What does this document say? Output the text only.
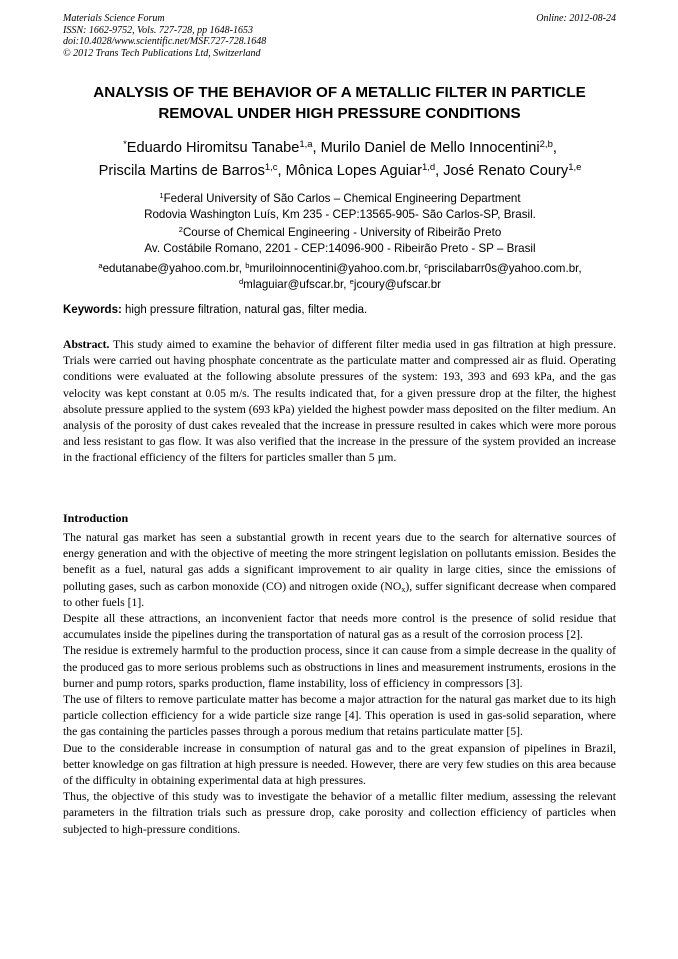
Materials Science Forum
ISSN: 1662-9752, Vols. 727-728, pp 1648-1653
doi:10.4028/www.scientific.net/MSF.727-728.1648
© 2012 Trans Tech Publications Ltd, Switzerland
Online: 2012-08-24
ANALYSIS OF THE BEHAVIOR OF A METALLIC FILTER IN PARTICLE
REMOVAL UNDER HIGH PRESSURE CONDITIONS
*Eduardo Hiromitsu Tanabe$^{1,a}$, Murilo Daniel de Mello Innocentini$^{2,b}$,
Priscila Martins de Barros$^{1,c}$, Mônica Lopes Aguiar$^{1,d}$, José Renato Coury$^{1,e}$
$^1$Federal University of São Carlos – Chemical Engineering Department
Rodovia Washington Luís, Km 235 - CEP:13565-905- São Carlos-SP, Brasil.
$^2$Course of Chemical Engineering - University of Ribeirão Preto
Av. Costábile Romano, 2201 - CEP:14096-900 - Ribeirão Preto - SP – Brasil
$^a$edutanabe@yahoo.com.br, $^b$muriloinnocentini@yahoo.com.br, $^c$priscilabarr0s@yahoo.com.br,
$^d$mlaguiar@ufscar.br, $^e$jcoury@ufscar.br
Keywords: high pressure filtration, natural gas, filter media.
Abstract. This study aimed to examine the behavior of different filter media used in gas filtration at high pressure. Trials were carried out having phosphate concentrate as the particulate matter and compressed air as fluid. Operating conditions were evaluated at the following absolute pressures of the system: 193, 393 and 693 kPa, and the gas velocity was kept constant at 0.05 m/s. The results indicated that, for a given pressure drop at the filter, the highest absolute pressure applied to the system (693 kPa) yielded the highest powder mass deposited on the filter medium. An analysis of the porosity of dust cakes revealed that the increase in pressure resulted in cakes which were more porous and less resistant to gas flow. It was also verified that the increase in the pressure of the system provided an increase in the fractional efficiency of the filters for particles smaller than 5 µm.
Introduction

The natural gas market has seen a substantial growth in recent years due to the search for alternative sources of energy generation and with the objective of meeting the more stringent legislation on pollutants emission. Besides the benefit as a fuel, natural gas adds a significant improvement to air quality in large cities, since the emissions of polluting gases, such as carbon monoxide (CO) and nitrogen oxide $(NO_x)$, suffer significant decrease when compared to other fuels [1].

Despite all these attractions, an inconvenient factor that needs more control is the presence of solid residue that accumulates inside the pipelines during the transportation of natural gas as a result of the corrosion process [2].

The residue is extremely harmful to the production process, since it can cause from a simple decrease in the quality of the produced gas to more serious problems such as obstructions in lines and measurement instruments, erosions in the burner and pump rotors, sparks production, flame instability, loss of efficiency in compressors [3].

The use of filters to remove particulate matter has become a major attraction for the natural gas market due to its high particle collection efficiency for a wide particle size range [4]. This operation is used in gas-solid separation, where the gas containing the particles passes through a porous medium that retains particulate matter [5].

Due to the considerable increase in consumption of natural gas and to the great expansion of pipelines in Brazil, better knowledge on gas filtration at high pressure is needed. However, there are very few studies on this area because of the difficulty in obtaining experimental data at high pressures.

Thus, the objective of this study was to investigate the behavior of a metallic filter medium, assessing the relevant parameters in the filtration trials such as pressure drop, cake porosity and collection efficiency of particles when subjected to high-pressure conditions.
